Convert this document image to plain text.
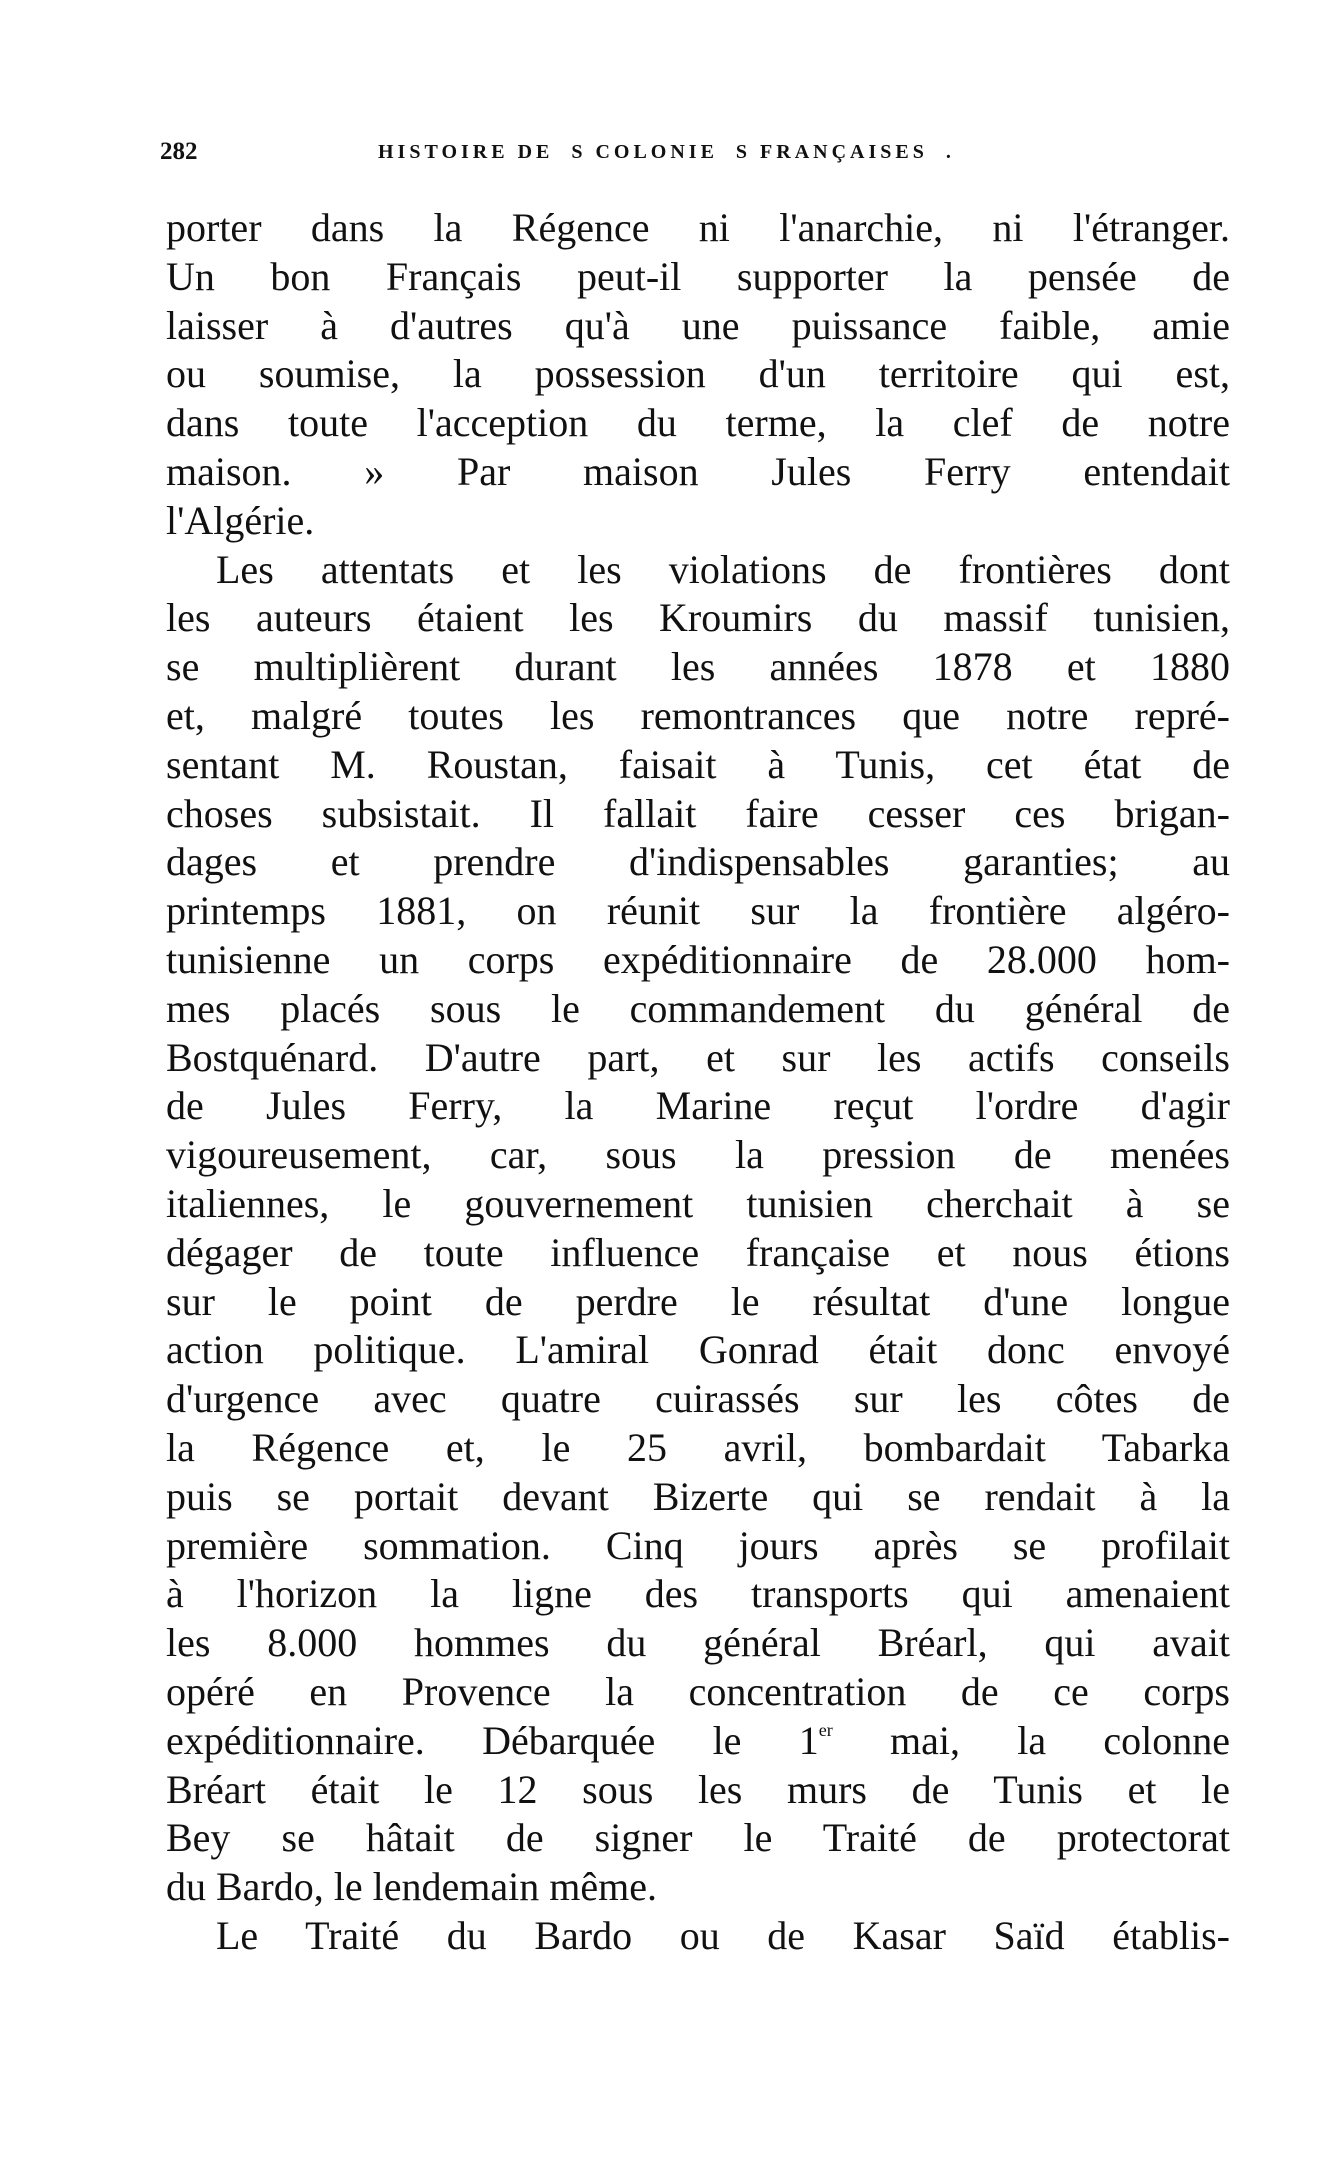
282	HISTOIRE DE  S COLONIE  S FRANÇAISES  .
porter dans la Régence ni l'anarchie, ni l'étranger.
Un bon Français peut-il supporter la pensée de
laisser à d'autres qu'à une puissance faible, amie
ou soumise, la possession d'un territoire qui est,
dans toute l'acception du terme, la clef de notre
maison. » Par maison Jules Ferry entendait
l'Algérie.
Les attentats et les violations de frontières dont
les auteurs étaient les Kroumirs du massif tunisien,
se multiplièrent durant les années 1878 et 1880
et, malgré toutes les remontrances que notre repré-
sentant M. Roustan, faisait à Tunis, cet état de
choses subsistait. Il fallait faire cesser ces brigan-
dages et prendre d'indispensables garanties; au
printemps 1881, on réunit sur la frontière algéro-
tunisienne un corps expéditionnaire de 28.000 hom-
mes placés sous le commandement du général de
Bostquénard. D'autre part, et sur les actifs conseils
de Jules Ferry, la Marine reçut l'ordre d'agir
vigoureusement, car, sous la pression de menées
italiennes, le gouvernement tunisien cherchait à se
dégager de toute influence française et nous étions
sur le point de perdre le résultat d'une longue
action politique. L'amiral Gonrad était donc envoyé
d'urgence avec quatre cuirassés sur les côtes de
la Régence et, le 25 avril, bombardait Tabarka
puis se portait devant Bizerte qui se rendait à la
première sommation. Cinq jours après se profilait
à l'horizon la ligne des transports qui amenaient
les 8.000 hommes du général Bréarl, qui avait
opéré en Provence la concentration de ce corps
expéditionnaire. Débarquée le 1er mai, la colonne
Bréart était le 12 sous les murs de Tunis et le
Bey se hâtait de signer le Traité de protectorat
du Bardo, le lendemain même.
Le Traité du Bardo ou de Kasar Saïd établis-
